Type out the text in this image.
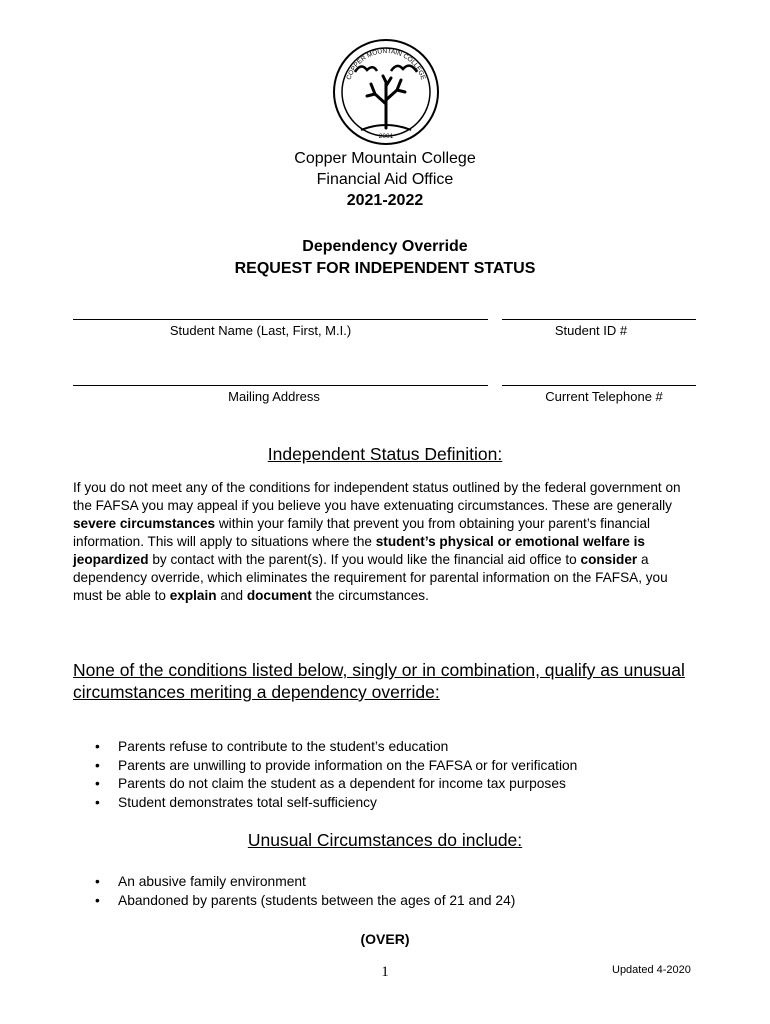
COPPER MOUNTAIN COLLEGE
2001
Copper Mountain College
Financial Aid Office
2021-2022
Dependency Override
REQUEST FOR INDEPENDENT STATUS
Student Name (Last, First, M.I.)	Student ID #
Mailing Address	Current Telephone #
Independent Status Definition:
If you do not meet any of the conditions for independent status outlined by the federal government on the FAFSA you may appeal if you believe you have extenuating circumstances. These are generally severe circumstances within your family that prevent you from obtaining your parent’s financial information. This will apply to situations where the student’s physical or emotional welfare is jeopardized by contact with the parent(s). If you would like the financial aid office to consider a dependency override, which eliminates the requirement for parental information on the FAFSA, you must be able to explain and document the circumstances.
None of the conditions listed below, singly or in combination, qualify as unusual circumstances meriting a dependency override:
• Parents refuse to contribute to the student’s education
• Parents are unwilling to provide information on the FAFSA or for verification
• Parents do not claim the student as a dependent for income tax purposes
• Student demonstrates total self-sufficiency
Unusual Circumstances do include:
• An abusive family environment
• Abandoned by parents (students between the ages of 21 and 24)
(OVER)
1	Updated 4-2020
